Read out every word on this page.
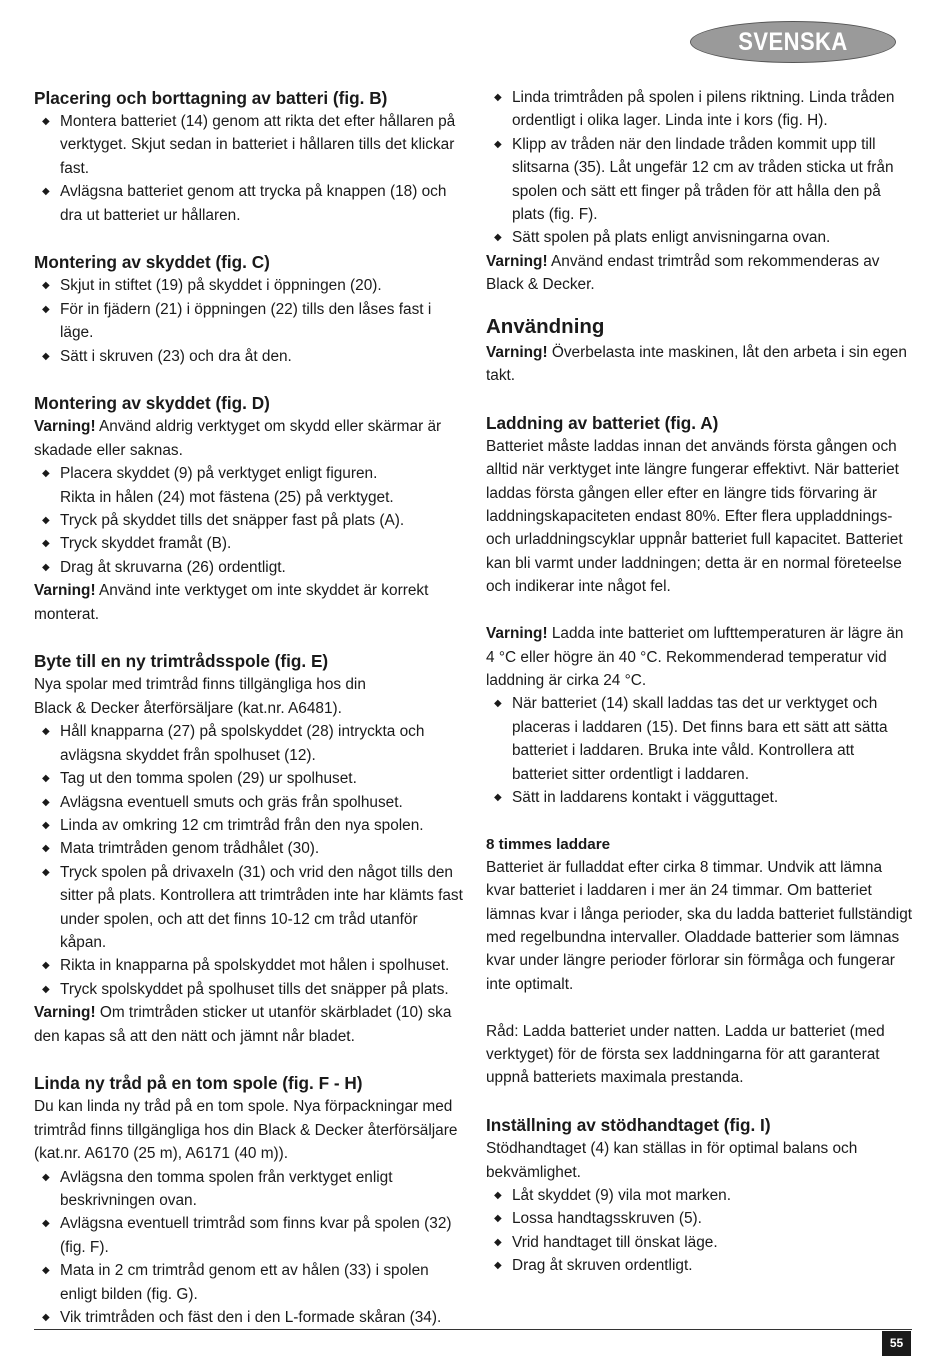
SVENSKA
Placering och borttagning av batteri (fig. B)
◆ Montera batteriet (14) genom att rikta det efter hållaren på verktyget. Skjut sedan in batteriet i hållaren tills det klickar fast.
◆ Avlägsna batteriet genom att trycka på knappen (18) och dra ut batteriet ur hållaren.
Montering av skyddet (fig. C)
◆ Skjut in stiftet (19) på skyddet i öppningen (20).
◆ För in fjädern (21) i öppningen (22) tills den låses fast i läge.
◆ Sätt i skruven (23) och dra åt den.
Montering av skyddet (fig. D)

Varning! Använd aldrig verktyget om skydd eller skärmar är skadade eller saknas.

◆ Placera skyddet (9) på verktyget enligt figuren.
Rikta in hålen (24) mot fästena (25) på verktyget.
◆ Tryck på skyddet tills det snäpper fast på plats (A).
◆ Tryck skyddet framåt (B).
◆ Drag åt skruvarna (26) ordentligt.

Varning! Använd inte verktyget om inte skyddet är korrekt monterat.

Byte till en ny trimtrådsspole (fig. E)

Nya spolar med trimtråd finns tillgängliga hos din
Black & Decker återförsäljare (kat.nr. A6481).

◆ Håll knapparna (27) på spolskyddet (28) intryckta och avlägsna skyddet från spolhuset (12).
◆ Tag ut den tomma spolen (29) ur spolhuset.
◆ Avlägsna eventuell smuts och gräs från spolhuset.
◆ Linda av omkring 12 cm trimtråd från den nya spolen.
◆ Mata trimtråden genom trådhålet (30).
◆ Tryck spolen på drivaxeln (31) och vrid den något tills den sitter på plats. Kontrollera att trimtråden inte har klämts fast under spolen, och att det finns 10-12 cm tråd utanför kåpan.
◆ Rikta in knapparna på spolskyddet mot hålen i spolhuset.
◆ Tryck spolskyddet på spolhuset tills det snäpper på plats.

Varning! Om trimtråden sticker ut utanför skärbladet (10) ska den kapas så att den nätt och jämnt når bladet.

Linda ny tråd på en tom spole (fig. F - H)

Du kan linda ny tråd på en tom spole. Nya förpackningar med trimtråd finns tillgängliga hos din Black & Decker återförsäljare (kat.nr. A6170 (25 m), A6171 (40 m)).

◆ Avlägsna den tomma spolen från verktyget enligt beskrivningen ovan.
◆ Avlägsna eventuell trimtråd som finns kvar på spolen (32) (fig. F).
◆ Mata in 2 cm trimtråd genom ett av hålen (33) i spolen enligt bilden (fig. G).
◆ Vik trimtråden och fäst den i den L-formade skåran (34).
◆ Linda trimtråden på spolen i pilens riktning. Linda tråden ordentligt i olika lager. Linda inte i kors (fig. H).
◆ Klipp av tråden när den lindade tråden kommit upp till slitsarna (35). Låt ungefär 12 cm av tråden sticka ut från spolen och sätt ett finger på tråden för att hålla den på plats (fig. F).
◆ Sätt spolen på plats enligt anvisningarna ovan.

Varning! Använd endast trimtråd som rekommenderas av Black & Decker.

Användning

Varning! Överbelasta inte maskinen, låt den arbeta i sin egen takt.

Laddning av batteriet (fig. A)

Batteriet måste laddas innan det används första gången och alltid när verktyget inte längre fungerar effektivt. När batteriet laddas första gången eller efter en längre tids förvaring är laddningskapaciteten endast 80%. Efter flera uppladdnings- och urladdningscyklar uppnår batteriet full kapacitet. Batteriet kan bli varmt under laddningen; detta är en normal företeelse och indikerar inte något fel.

Varning! Ladda inte batteriet om lufttemperaturen är lägre än 4 °C eller högre än 40 °C. Rekommenderad temperatur vid laddning är cirka 24 °C.

◆ När batteriet (14) skall laddas tas det ur verktyget och placeras i laddaren (15). Det finns bara ett sätt att sätta batteriet i laddaren. Bruka inte våld. Kontrollera att batteriet sitter ordentligt i laddaren.
◆ Sätt in laddarens kontakt i vägguttaget.
8 timmes laddare

Batteriet är fulladdat efter cirka 8 timmar. Undvik att lämna kvar batteriet i laddaren i mer än 24 timmar. Om batteriet lämnas kvar i långa perioder, ska du ladda batteriet fullständigt med regelbundna intervaller. Oladdade batterier som lämnas kvar under längre perioder förlorar sin förmåga och fungerar inte optimalt.

Råd: Ladda batteriet under natten. Ladda ur batteriet (med verktyget) för de första sex laddningarna för att garanterat uppnå batteriets maximala prestanda.

Inställning av stödhandtaget (fig. I)

Stödhandtaget (4) kan ställas in för optimal balans och bekvämlighet.

◆ Låt skyddet (9) vila mot marken.
◆ Lossa handtagsskruven (5).
◆ Vrid handtaget till önskat läge.
◆ Drag åt skruven ordentligt.
55
